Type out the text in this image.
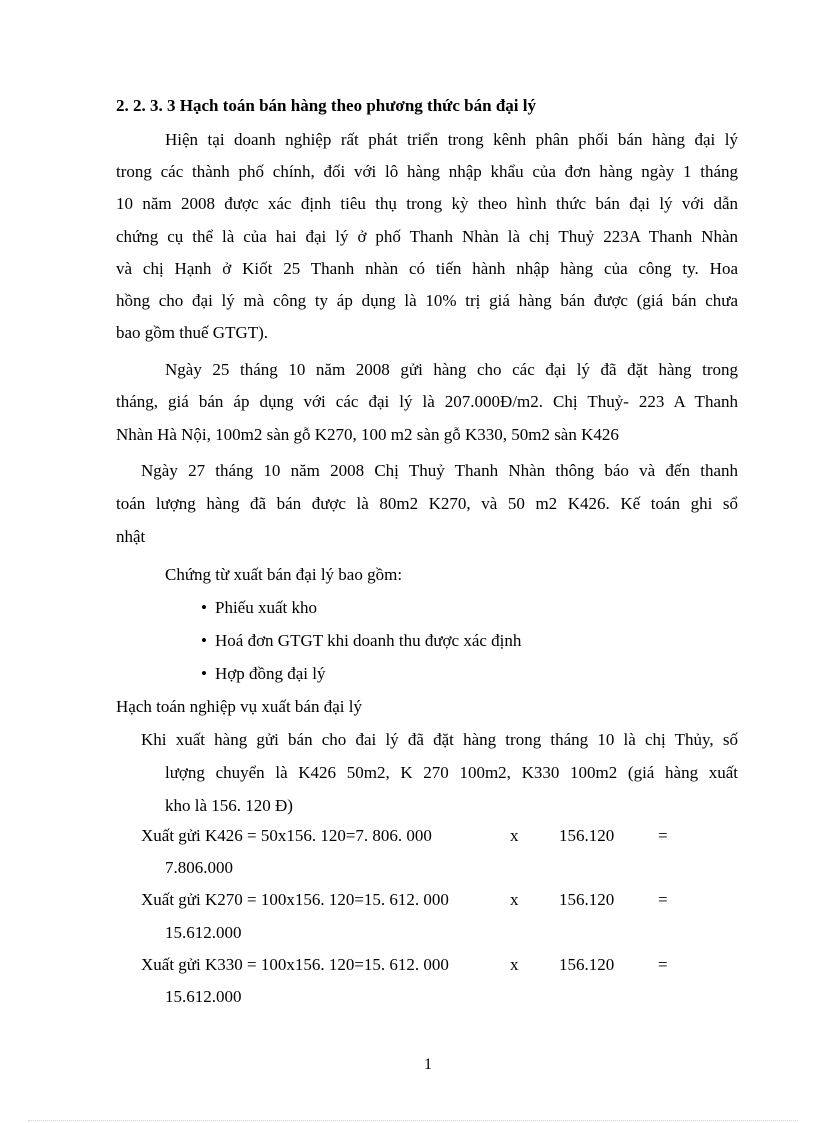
2. 2. 3. 3 Hạch toán bán hàng theo phương thức bán đại lý
Hiện tại doanh nghiệp rất phát triển trong kênh phân phối bán hàng đại lý
trong các thành phố chính, đối với lô hàng nhập khẩu của đơn hàng ngày 1 tháng
10 năm 2008 được xác định tiêu thụ trong kỳ theo hình thức bán đại lý với dẫn
chứng cụ thể là của hai đại lý ở phố Thanh Nhàn là chị Thuỷ 223A Thanh Nhàn
và chị Hạnh ở Kiốt 25 Thanh nhàn có tiến hành nhập hàng của công ty. Hoa
hồng cho đại lý mà công ty áp dụng là 10% trị giá hàng bán được (giá bán chưa
bao gồm thuế GTGT).
Ngày 25 tháng 10 năm 2008 gửi hàng cho các đại lý đã đặt hàng trong
tháng, giá bán áp dụng với các đại lý là 207.000Đ/m2. Chị Thuỷ- 223 A Thanh
Nhàn Hà Nội, 100m2 sàn gỗ K270, 100 m2 sàn gỗ K330, 50m2 sàn K426
Ngày 27 tháng 10 năm 2008 Chị Thuỷ Thanh Nhàn thông báo và đến thanh
toán lượng hàng đã bán được là 80m2 K270, và 50 m2 K426. Kế toán ghi sổ
nhật
Chứng từ xuất bán đại lý bao gồm:
• Phiếu xuất kho
• Hoá đơn GTGT khi doanh thu được xác định
• Hợp đồng đại lý
Hạch toán nghiệp vụ xuất bán đại lý
Khi xuất hàng gửi bán cho đai lý đã đặt hàng trong tháng 10 là chị Thủy, số
lượng chuyển là K426 50m2, K 270 100m2, K330 100m2 (giá hàng xuất
kho là 156. 120 Đ)
Xuất gửi K426 = 50x156. 120=7. 806. 000	x 156.120	=
7.806.000
Xuất gửi K270 = 100x156. 120=15. 612. 000	x 156.120	=
15.612.000
Xuất gửi K330 = 100x156. 120=15. 612. 000	x 156.120	=
15.612.000
1
